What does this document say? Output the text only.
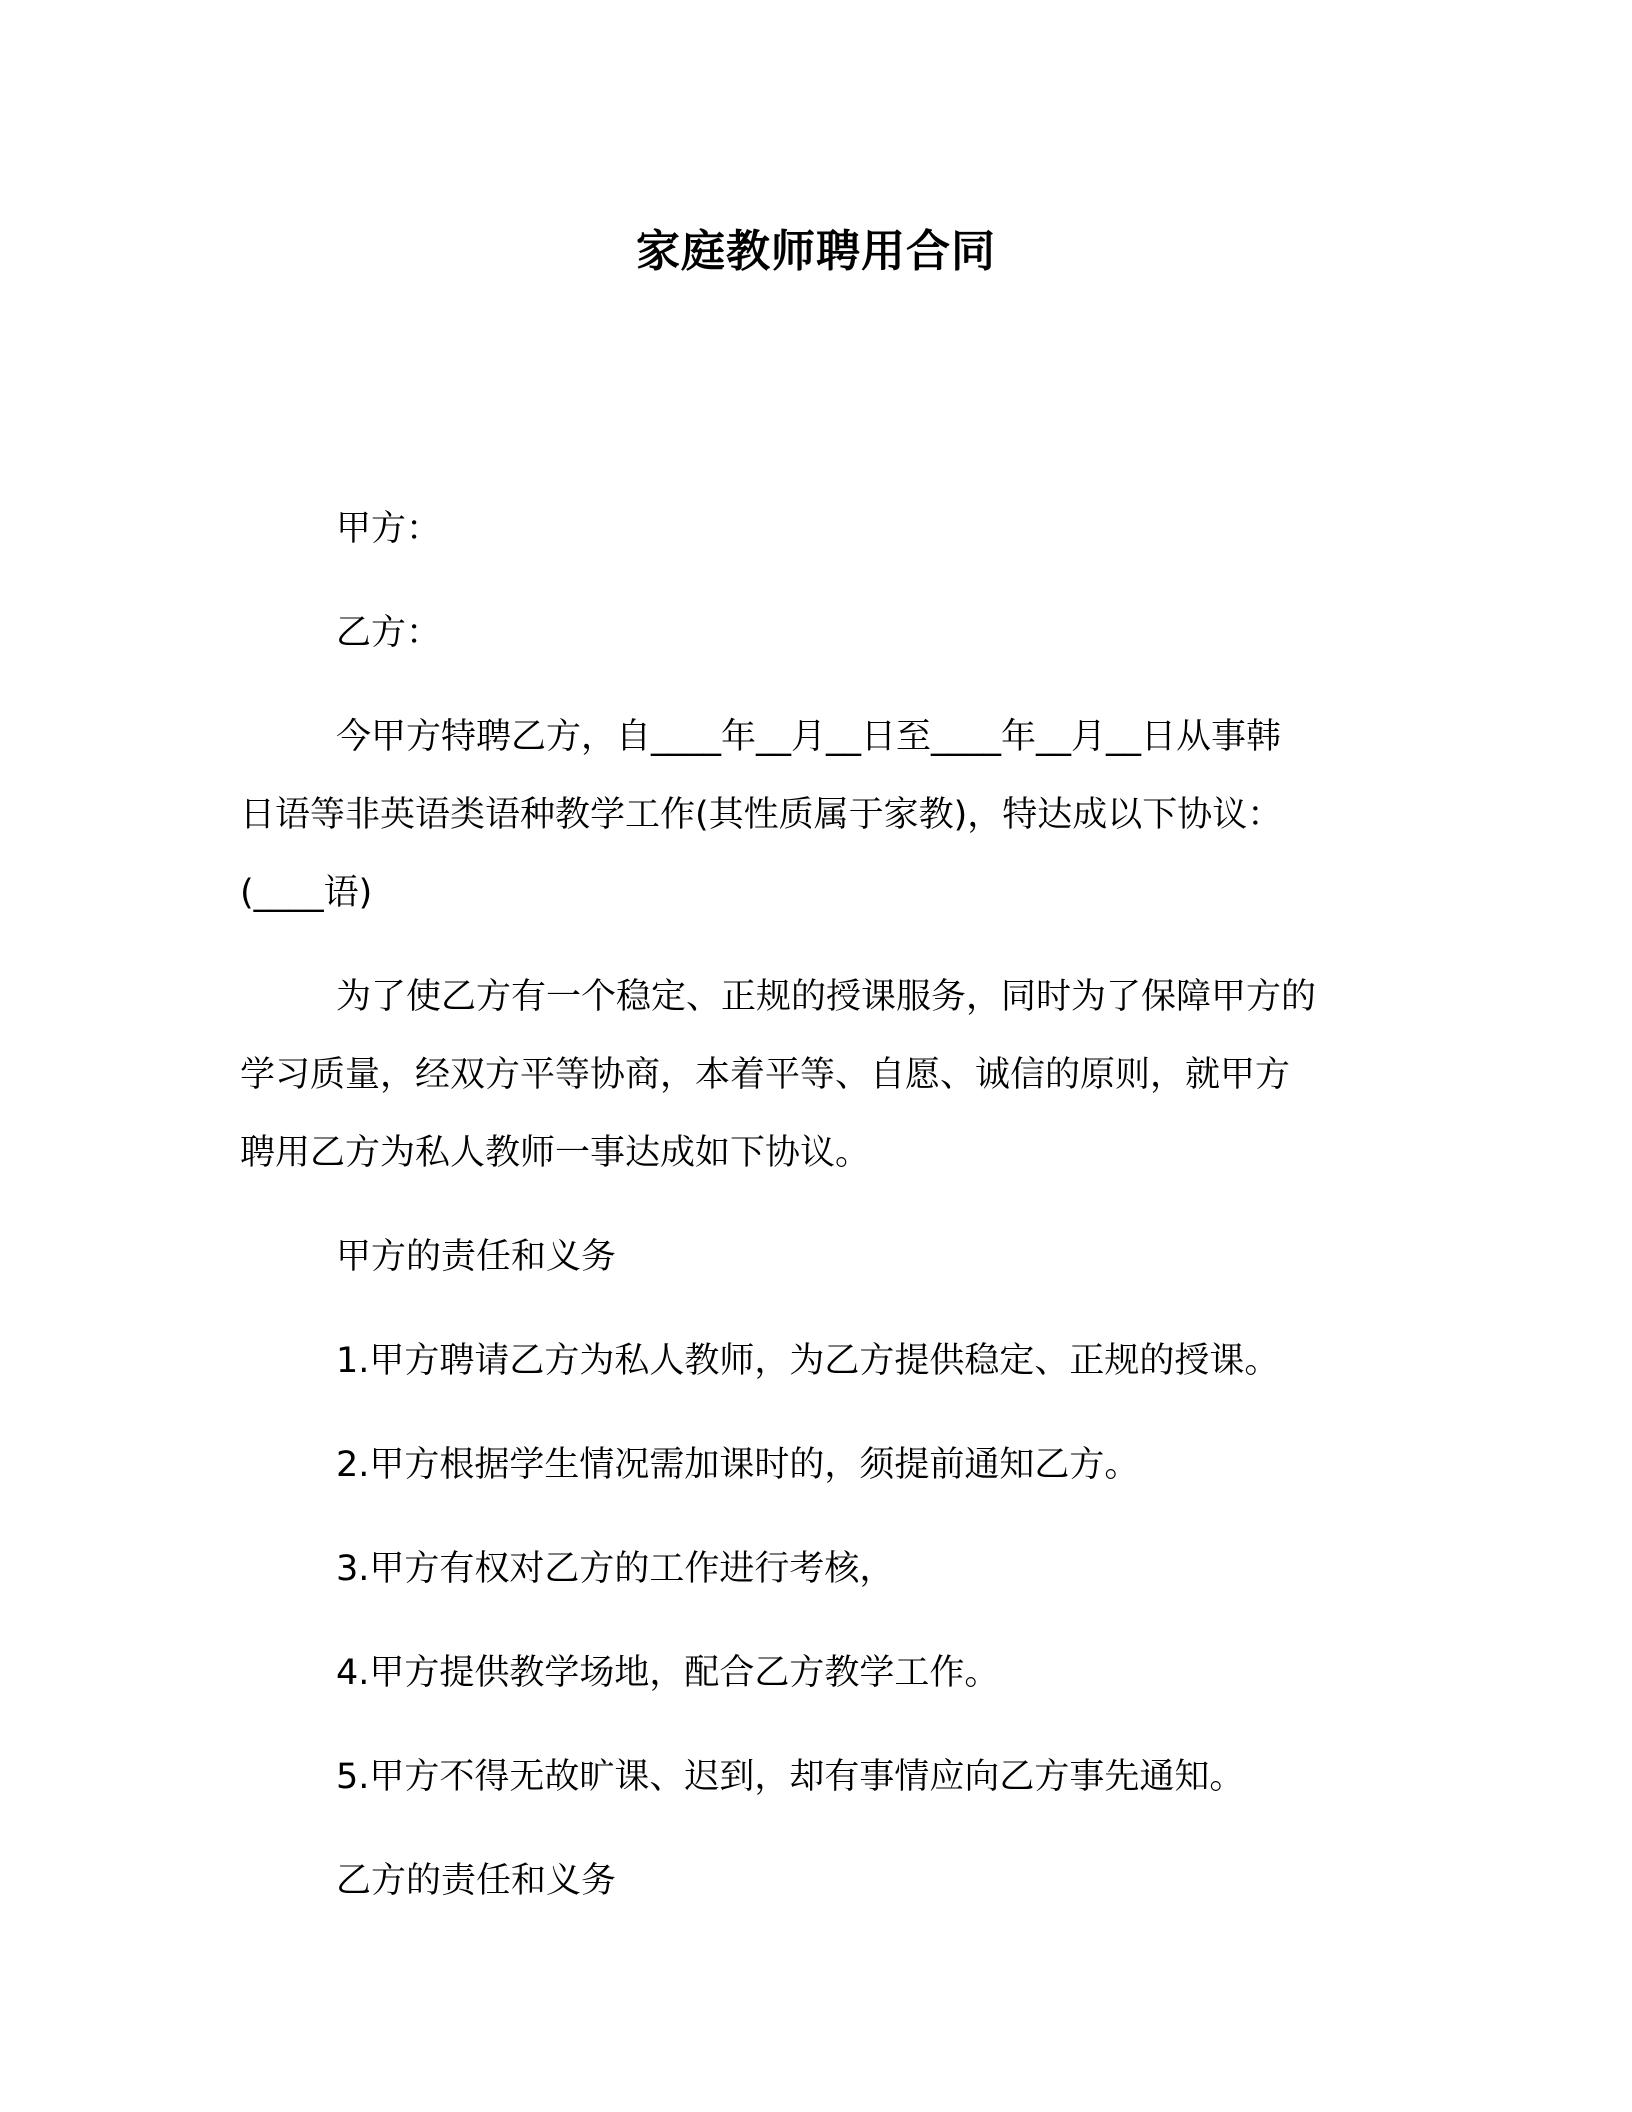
家庭教师聘用合同

甲方：

乙方：

今甲方特聘乙方，自____年__月__日至____年__月__日从事韩
日语等非英语类语种教学工作(其性质属于家教)，特达成以下协议：
(____语)
为了使乙方有一个稳定、正规的授课服务，同时为了保障甲方的
学习质量，经双方平等协商，本着平等、自愿、诚信的原则，就甲方
聘用乙方为私人教师一事达成如下协议。

甲方的责任和义务

1.甲方聘请乙方为私人教师，为乙方提供稳定、正规的授课。

2.甲方根据学生情况需加课时的，须提前通知乙方。

3.甲方有权对乙方的工作进行考核，

4.甲方提供教学场地，配合乙方教学工作。

5.甲方不得无故旷课、迟到，却有事情应向乙方事先通知。

乙方的责任和义务
